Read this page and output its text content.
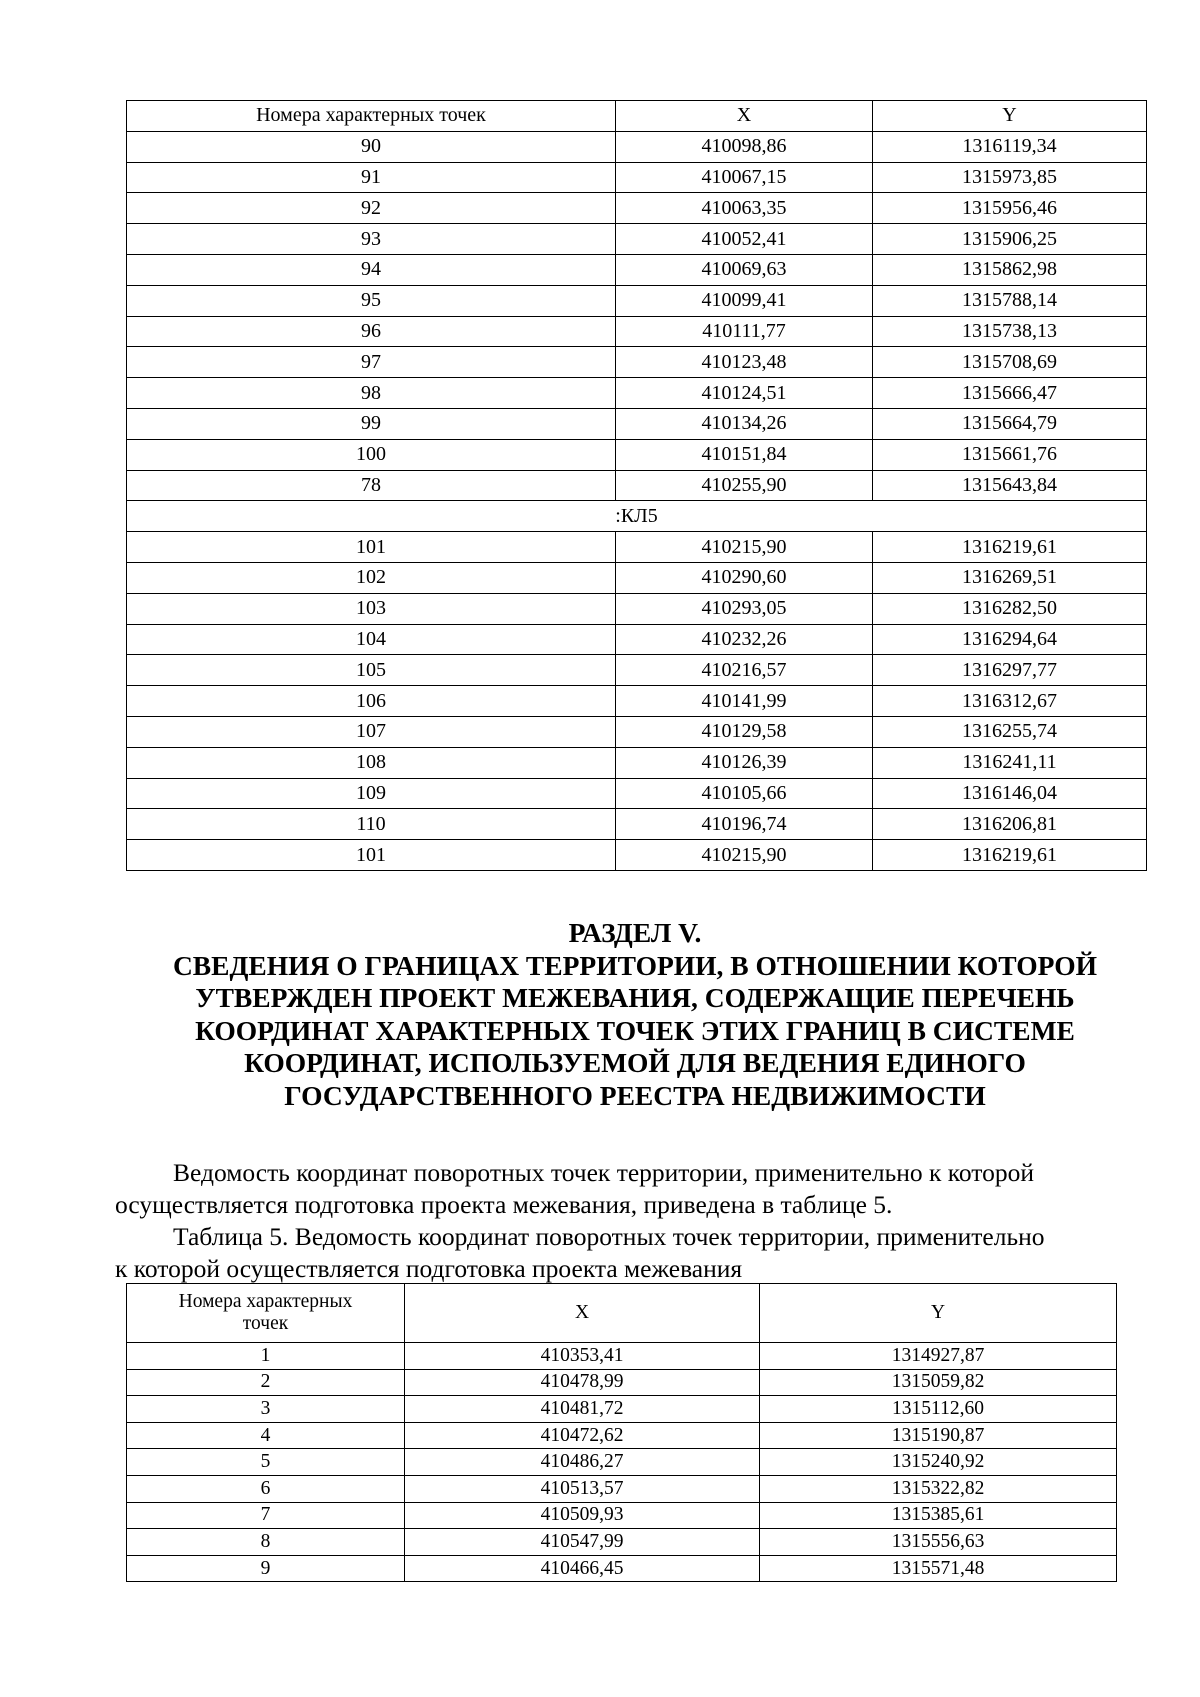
Номера характерных точек	X	Y
90	410098,86	1316119,34
91	410067,15	1315973,85
92	410063,35	1315956,46
93	410052,41	1315906,25
94	410069,63	1315862,98
95	410099,41	1315788,14
96	410111,77	1315738,13
97	410123,48	1315708,69
98	410124,51	1315666,47
99	410134,26	1315664,79
100	410151,84	1315661,76
78	410255,90	1315643,84
:КЛ5		
101	410215,90	1316219,61
102	410290,60	1316269,51
103	410293,05	1316282,50
104	410232,26	1316294,64
105	410216,57	1316297,77
106	410141,99	1316312,67
107	410129,58	1316255,74
108	410126,39	1316241,11
109	410105,66	1316146,04
110	410196,74	1316206,81
101	410215,90	1316219,61
РАЗДЕЛ V.
СВЕДЕНИЯ О ГРАНИЦАХ ТЕРРИТОРИИ, В ОТНОШЕНИИ КОТОРОЙ
УТВЕРЖДЕН ПРОЕКТ МЕЖЕВАНИЯ, СОДЕРЖАЩИЕ ПЕРЕЧЕНЬ
КООРДИНАТ ХАРАКТЕРНЫХ ТОЧЕК ЭТИХ ГРАНИЦ В СИСТЕМЕ
КООРДИНАТ, ИСПОЛЬЗУЕМОЙ ДЛЯ ВЕДЕНИЯ ЕДИНОГО
ГОСУДАРСТВЕННОГО РЕЕСТРА НЕДВИЖИМОСТИ
Ведомость координат поворотных точек территории, применительно к которой
осуществляется подготовка проекта межевания, приведена в таблице 5.
Таблица 5. Ведомость координат поворотных точек территории, применительно
к которой осуществляется подготовка проекта межевания
Номера характерных точек	X	Y
1	410353,41	1314927,87
2	410478,99	1315059,82
3	410481,72	1315112,60
4	410472,62	1315190,87
5	410486,27	1315240,92
6	410513,57	1315322,82
7	410509,93	1315385,61
8	410547,99	1315556,63
9	410466,45	1315571,48
